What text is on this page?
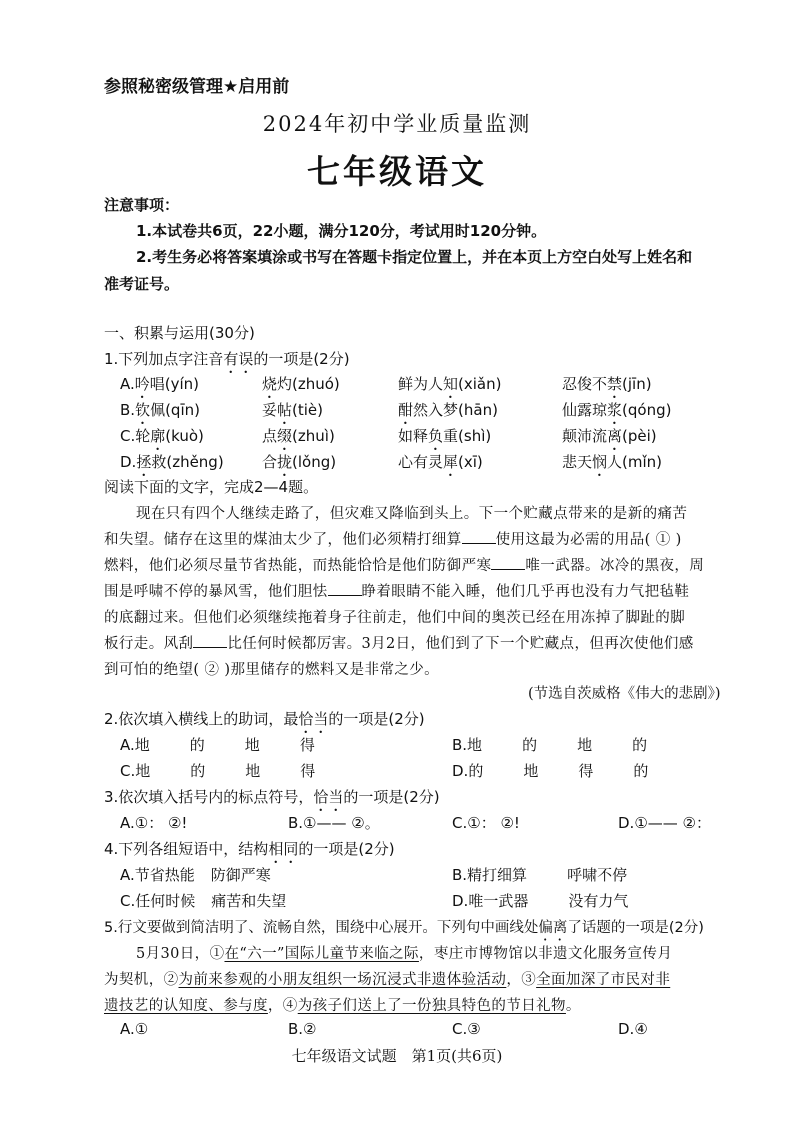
参照秘密级管理★启用前
2024年初中学业质量监测
七年级语文
注意事项：
1.本试卷共6页，22小题，满分120分，考试用时120分钟。
2.考生务必将答案填涂或书写在答题卡指定位置上，并在本页上方空白处写上姓名和
准考证号。
一、积累与运用(30分)
1.下列加点字注音有误的一项是(2分)
A.吟唱(yín)	烧灼(zhuó)	鲜为人知(xiǎn)	忍俊不禁(jīn)
B.钦佩(qīn)	妥帖(tiè)	酣然入梦(hān)	仙露琼浆(qóng)
C.轮廓(kuò)	点缀(zhuì)	如释负重(shì)	颠沛流离(pèi)
D.拯救(zhěng)	合拢(lǒng)	心有灵犀(xī)	悲天悯人(mǐn)
阅读下面的文字，完成2—4题。
现在只有四个人继续走路了，但灾难又降临到头上。下一个贮藏点带来的是新的痛苦
和失望。储存在这里的煤油太少了，他们必须精打细算 使用这最为必需的用品( ① )
燃料，他们必须尽量节省热能，而热能恰恰是他们防御严寒 唯一武器。冰冷的黑夜，周
围是呼啸不停的暴风雪，他们胆怯 睁着眼睛不能入睡，他们几乎再也没有力气把毡鞋
的底翻过来。但他们必须继续拖着身子往前走，他们中间的奥茨已经在用冻掉了脚趾的脚
板行走。风刮 比任何时候都厉害。3月2日，他们到了下一个贮藏点，但再次使他们感
到可怕的绝望( ② )那里储存的燃料又是非常之少。
(节选自茨威格《伟大的悲剧》)
2.依次填入横线上的助词，最恰当的一项是(2分)
A.地	的	地	得	B.地	的	地	的
C.地	的	地	得	D.的	地	得	的
3.依次填入括号内的标点符号，恰当的一项是(2分)
A.①： ②!	B.①—— ②。	C.①： ②!	D.①—— ②：
4.下列各组短语中，结构相同的一项是(2分)
A.节省热能 防御严寒	B.精打细算	呼啸不停
C.任何时候 痛苦和失望	D.唯一武器	没有力气
5.行文要做到简洁明了、流畅自然，围绕中心展开。下列句中画线处偏离了话题的一项是(2分)
5月30日，①在“六一”国际儿童节来临之际，枣庄市博物馆以非遗文化服务宣传月
为契机，②为前来参观的小朋友组织一场沉浸式非遗体验活动，③全面加深了市民对非
遗技艺的认知度、参与度，④为孩子们送上了一份独具特色的节日礼物。
A.①	B.②	C.③	D.④
七年级语文试题　第1页(共6页)
